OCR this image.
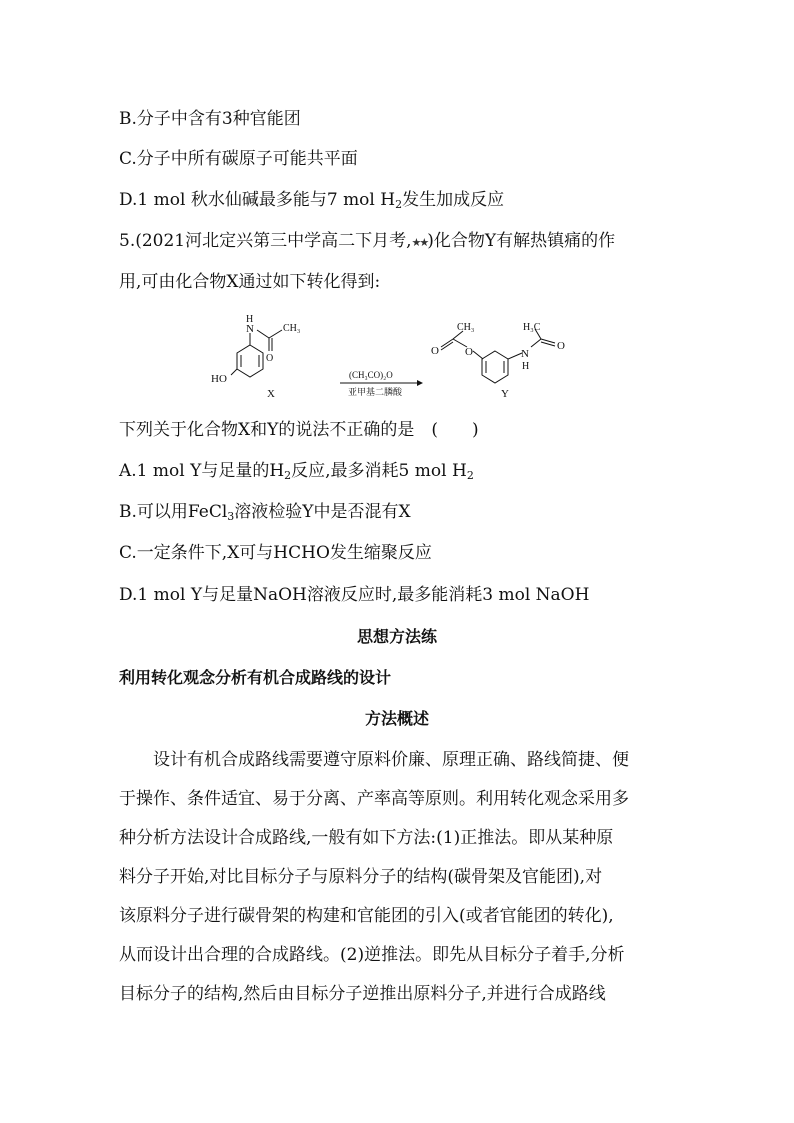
B.分子中含有3种官能团
C.分子中所有碳原子可能共平面
D.1 mol 秋水仙碱最多能与7 mol $H_2$发生加成反应
5.(2021河北定兴第三中学高二下月考,★★)化合物Y有解热镇痛的作
用,可由化合物X通过如下转化得到:
N
H
O
CH₃
HO
X
(CH₃CO)₂O
亚甲基二膦酸
O O
CH₃	H₃C
O
N
H
Y
下列关于化合物X和Y的说法不正确的是　(　　)
A.1 mol Y与足量的$H_2$反应,最多消耗5 mol $H_2$
B.可以用FeCl$_3$溶液检验Y中是否混有X
C.一定条件下,X可与HCHO发生缩聚反应
D.1 mol Y与足量NaOH溶液反应时,最多能消耗3 mol NaOH
思想方法练
利用转化观念分析有机合成路线的设计
方法概述
　　设计有机合成路线需要遵守原料价廉、原理正确、路线简捷、便
于操作、条件适宜、易于分离、产率高等原则。利用转化观念采用多
种分析方法设计合成路线,一般有如下方法:(1)正推法。即从某种原
料分子开始,对比目标分子与原料分子的结构(碳骨架及官能团),对
该原料分子进行碳骨架的构建和官能团的引入(或者官能团的转化),
从而设计出合理的合成路线。(2)逆推法。即先从目标分子着手,分析
目标分子的结构,然后由目标分子逆推出原料分子,并进行合成路线
